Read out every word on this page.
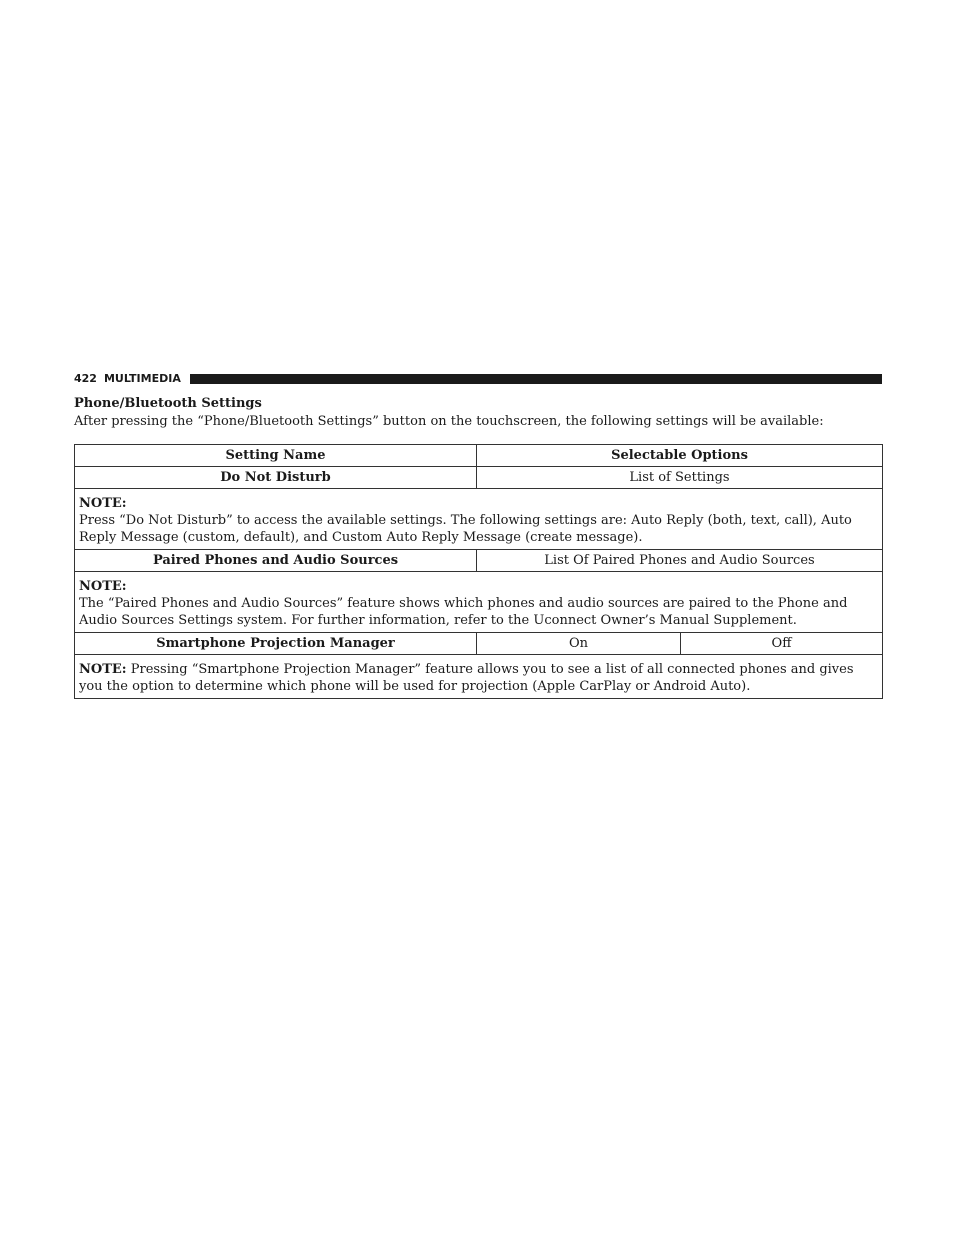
422 MULTIMEDIA
Phone/Bluetooth Settings
After pressing the “Phone/Bluetooth Settings” button on the touchscreen, the following settings will be available:
Setting Name	Selectable Options	
Do Not Disturb	List of Settings	

NOTE:
Press “Do Not Disturb” to access the available settings. The following settings are: Auto Reply (both, text, call), Auto
Reply Message (custom, default), and Custom Auto Reply Message (create message).		

Paired Phones and Audio Sources	List Of Paired Phones and Audio Sources	

NOTE:
The “Paired Phones and Audio Sources” feature shows which phones and audio sources are paired to the Phone and
Audio Sources Settings system. For further information, refer to the Uconnect Owner’s Manual Supplement.		

Smartphone Projection Manager	On	Off

NOTE: Pressing “Smartphone Projection Manager” feature allows you to see a list of all connected phones and gives
you the option to determine which phone will be used for projection (Apple CarPlay or Android Auto).		
